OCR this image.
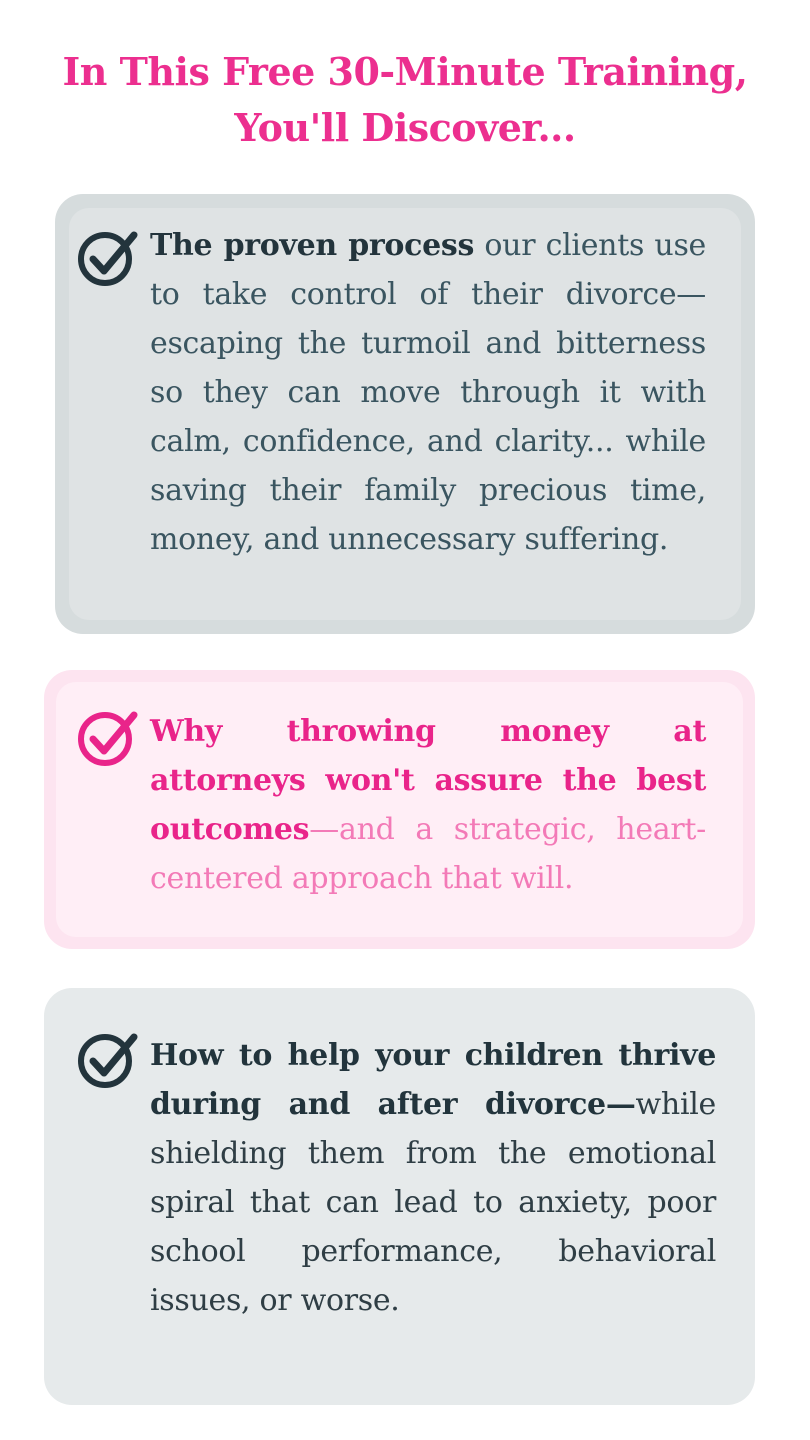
In This Free 30-Minute Training,
You'll Discover...
The proven process our clients use to take control of their divorce—escaping the turmoil and bitterness so they can move through it with calm, confidence, and clarity... while saving their family precious time, money, and unnecessary suffering.
Why throwing money at attorneys won't assure the best outcomes—and a strategic, heart-centered approach that will.
How to help your children thrive during and after divorce—while shielding them from the emotional spiral that can lead to anxiety, poor school performance, behavioral issues, or worse.
